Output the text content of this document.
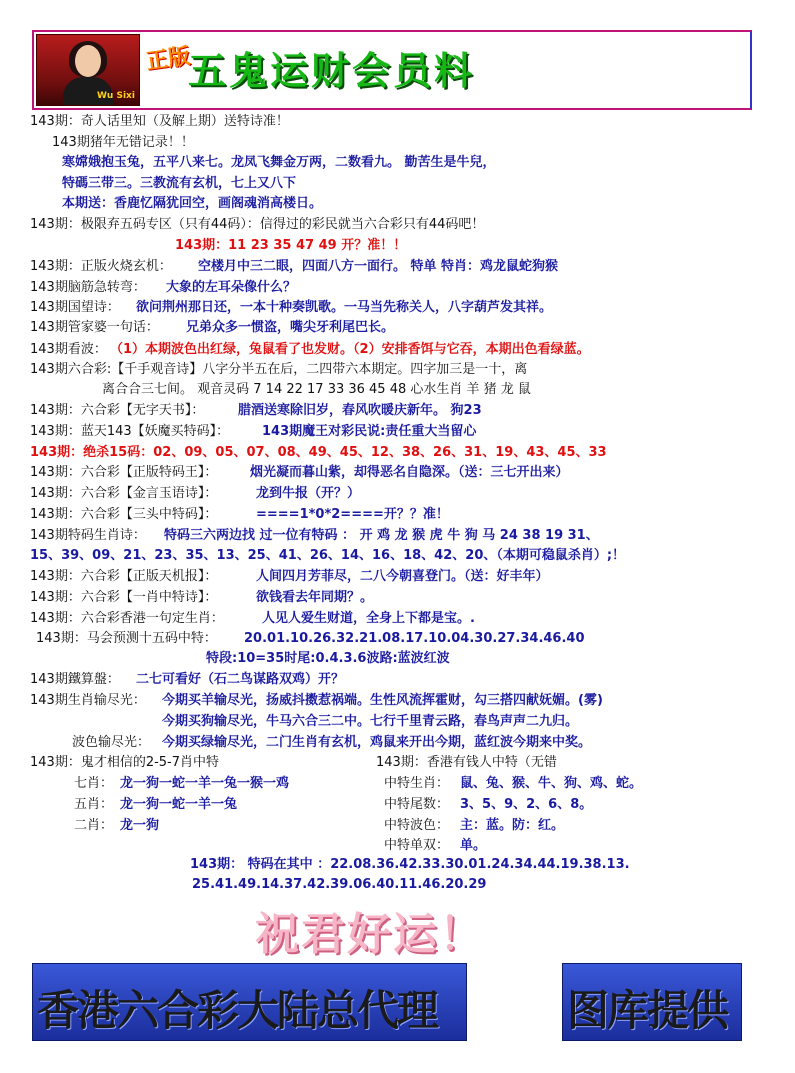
Wu Sixi
正版
五鬼运财会员料
143期：奇人话里知（及解上期）送特诗准！
143期猪年无错记录！！
寒嫦娥抱玉兔，五平八来七。龙凤飞舞金万两，二数看九。 勤苦生是牛兒，
特碼三带三。三教流有玄机，七上又八下
本期送：香鹿忆隔犹回空，画阁魂消高楼日。
143期：极限弃五码专区（只有44码）：信得过的彩民就当六合彩只有44码吧！
143期：11 23 35 47 49 开？准！！
143期：正版火烧玄机： 空楼月中三二眼，四面八方一面行。 特单 特肖：鸡龙鼠蛇狗猴
143期脑筋急转弯： 大象的左耳朵像什么？
143期国望诗： 欲问荆州那日还，一本十种奏凯歌。一马当先称关人，八字葫芦发其祥。
143期管家婆一句话： 兄弟众多一惯盗，嘴尖牙利尾巴长。
143期看波： （1）本期波色出红绿，兔鼠看了也发财。（2）安排香饵与它吞，本期出色看绿蓝。
143期六合彩:【千手观音诗】八字分半五在后，二四带六本期定。四字加三是一十，离
离合合三七间。 观音灵码 7 14 22 17 33 36 45 48 心水生肖 羊 猪 龙 鼠
143期：六合彩【无字天书】：	腊酒送寒除旧岁，春风吹暖庆新年。 狗23
143期：蓝天143【妖魔买特码】：	143期魔王对彩民说:责任重大当留心
143期：绝杀15码：02、09、05、07、08、49、45、12、38、26、31、19、43、45、33
143期：六合彩【正版特码王】：	烟光凝而暮山紫，却得恶名自隐深。（送：三七开出来）
143期：六合彩【金言玉语诗】：	龙到牛报（开？）
143期：六合彩【三头中特码】：	====1*0*2====开？？准！
143期特码生肖诗： 特码三六两边找 过一位有特码 ： 开 鸡 龙 猴 虎 牛 狗 马 24 38 19 31、
15、39、09、21、23、35、13、25、41、26、14、16、18、42、20、（本期可稳鼠杀肖）;！
143期：六合彩【正版天机报】：	人间四月芳菲尽，二八今朝喜登门。（送：好丰年）
143期：六合彩【一肖中特诗】：	欲钱看去年同期？。
143期：六合彩香港一句定生肖：	人见人爱生财道，全身上下都是宝。.
143期：马会预测十五码中特： 20.01.10.26.32.21.08.17.10.04.30.27.34.46.40
特段:10=35时尾:0.4.3.6波路:蓝波红波
143期鐵算盤： 二七可看好（石二鸟谋路双鸡）开？
143期生肖输尽光： 今期买羊输尽光，扬威抖擞惹祸端。生性风流挥霍财，勾三搭四献妩媚。(雾)
今期买狗输尽光，牛马六合三二中。七行千里青云路，春鸟声声二九归。
波色输尽光： 今期买绿输尽光，二门生肖有玄机，鸡鼠来开出今期，蓝红波今期来中奖。
143期：鬼才相信的2-5-7肖中特	143期：香港有钱人中特（无错
七肖： 龙一狗一蛇一羊一兔一猴一鸡	中特生肖： 鼠、兔、猴、牛、狗、鸡、蛇。
五肖： 龙一狗一蛇一羊一兔	中特尾数： 3、5、9、2、6、8。
二肖： 龙一狗	中特波色： 主：蓝。防：红。
中特单双： 单。
143期： 特码在其中 ：22.08.36.42.33.30.01.24.34.44.19.38.13.
25.41.49.14.37.42.39.06.40.11.46.20.29
祝君好运！
香港六合彩大陆总代理	图库提供
